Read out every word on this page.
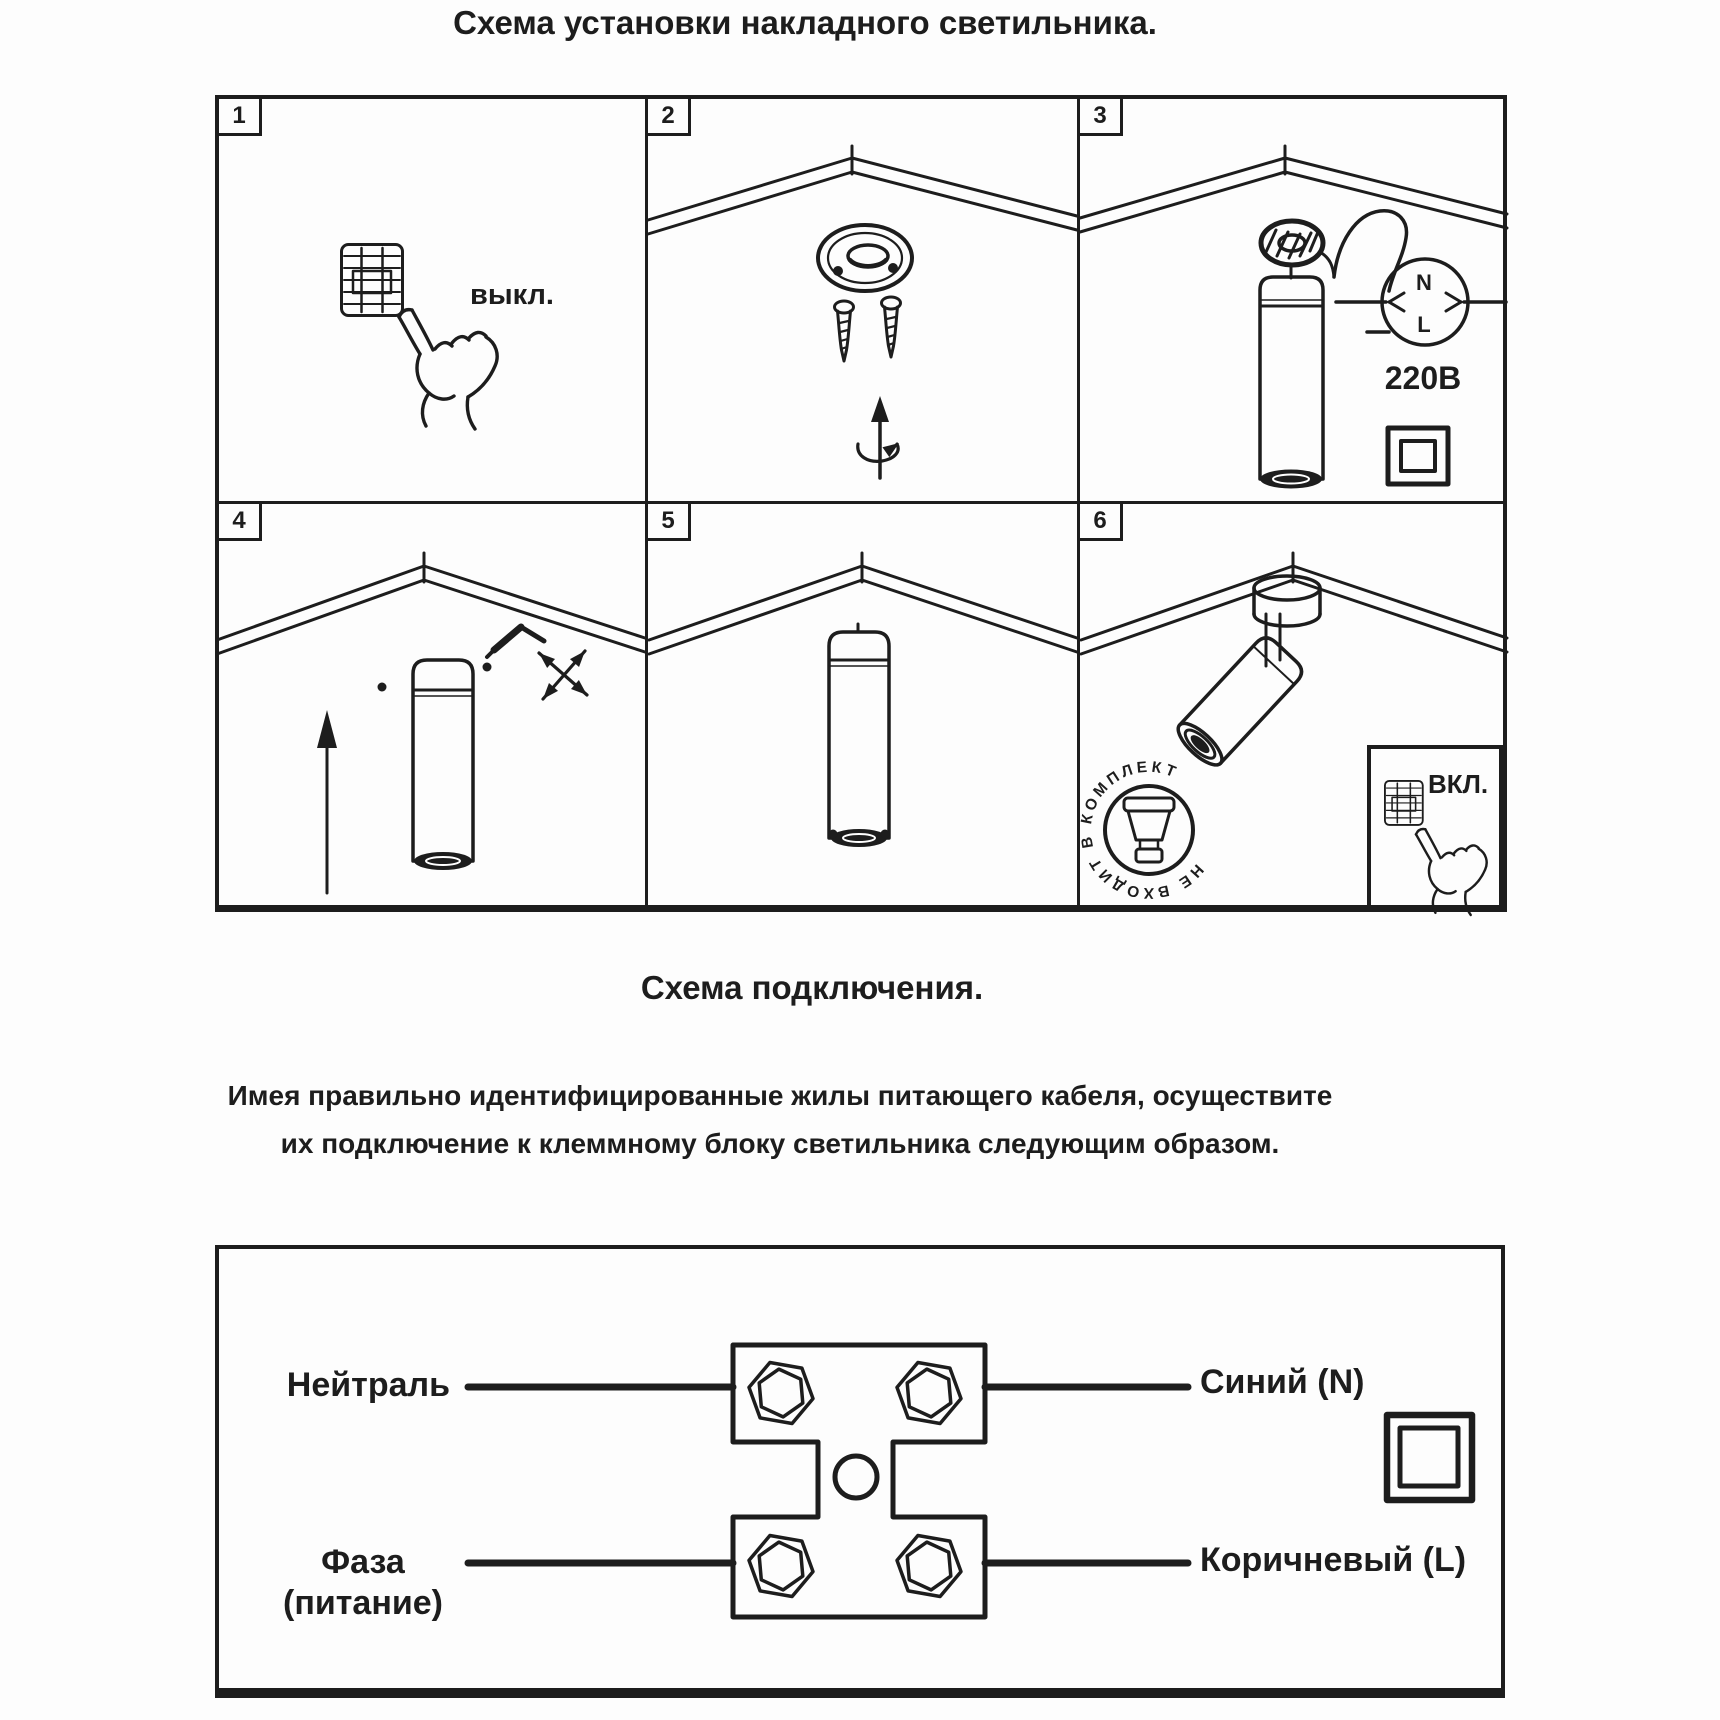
Схема установки накладного светильника.
1	2	3
4	5	6
выкл.
220В
ВКЛ.
N
L
НЕ ВХОДИТ В КОМПЛЕКТ
Схема подключения.
Имея правильно идентифицированные жилы питающего кабеля, осуществите
их подключение к клеммному блоку светильника следующим образом.
Нейтраль
Фаза
(питание)
Синий (N)
Коричневый (L)
